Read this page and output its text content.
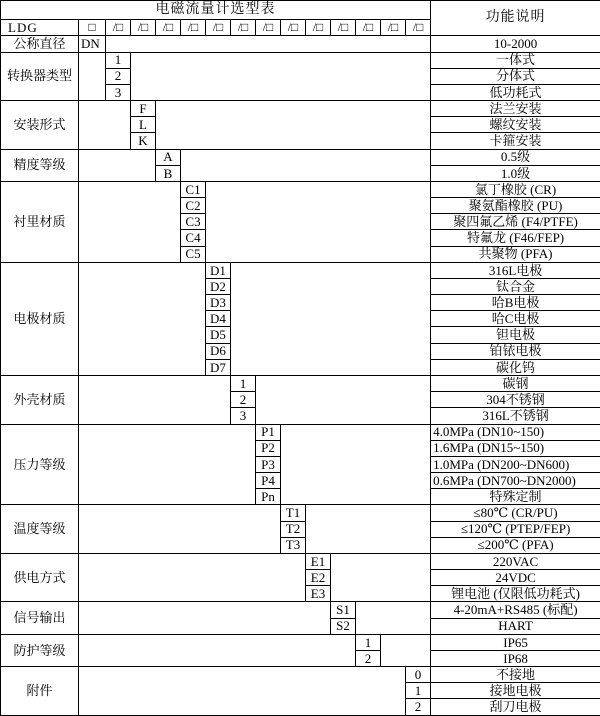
电磁流量计选型表															功能说明
LDG	□	/□	/□	/□	/□	/□	/□	/□	/□	/□	/□	/□	/□	/□	
公称直径	DN														10-2000
转换器类型		1													一体式
		2													分体式
		3													低功耗式
安装形式			F												法兰安装
			L												螺纹安装
			K												卡箍安装
精度等级				A											0.5级
				B											1.0级
衬里材质					C1										氯丁橡胶 (CR)
					C2										聚氨酯橡胶 (PU)
					C3										聚四氟乙烯 (F4/PTFE)
					C4										特氟龙 (F46/FEP)
					C5										共聚物 (PFA)
电极材质						D1									316L电极
						D2									钛合金
						D3									哈B电极
						D4									哈C电极
						D5									钽电极
						D6									铂铱电极
						D7									碳化钨
外壳材质							1								碳钢
							2								304不锈钢
							3								316L不锈钢
压力等级								P1							4.0MPa (DN10~150)
								P2							1.6MPa (DN15~150)
								P3							1.0MPa (DN200~DN600)
								P4							0.6MPa (DN700~DN2000)
								Pn							特殊定制
温度等级									T1						≤80℃ (CR/PU)
									T2						≤120℃ (PTEP/FEP)
									T3						≤200℃ (PFA)
供电方式										E1					220VAC
										E2					24VDC
										E3					锂电池 (仅限低功耗式)
信号输出											S1				4-20mA+RS485 (标配)
											S2				HART
防护等级												1			IP65
												2			IP68
附件														0	不接地
														1	接地电极
														2	刮刀电极
